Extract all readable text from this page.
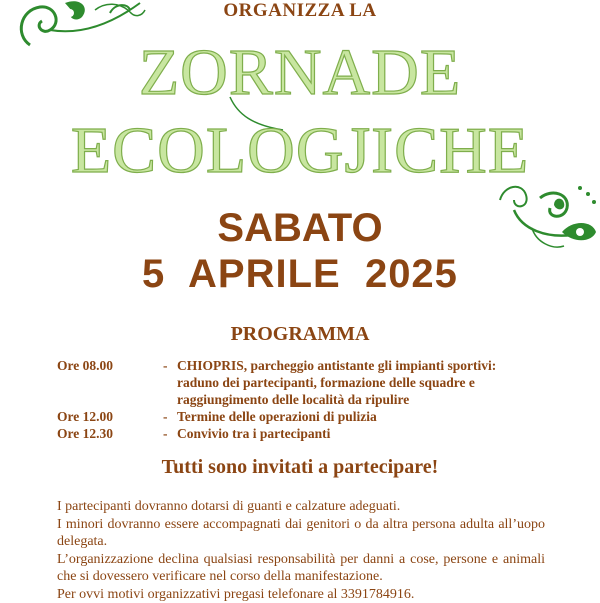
ORGANIZZA LA
ZORNADE
ECOLOGJICHE
SABATO
5  APRILE  2025
PROGRAMMA
Ore 08.00	- CHIOPRIS, parcheggio antistante gli impianti sportivi:
raduno dei partecipanti, formazione delle squadre e
raggiungimento delle località da ripulire
Ore 12.00	- Termine delle operazioni di pulizia
Ore 12.30	- Convivio tra i partecipanti
Tutti sono invitati a partecipare!
I partecipanti dovranno dotarsi di guanti e calzature adeguati.
I minori dovranno essere accompagnati dai genitori o da altra persona adulta all’uopo delegata.
L’organizzazione declina qualsiasi responsabilità per danni a cose, persone e animali che si dovessero verificare nel corso della manifestazione.
Per ovvi motivi organizzativi pregasi telefonare al 3391784916.
